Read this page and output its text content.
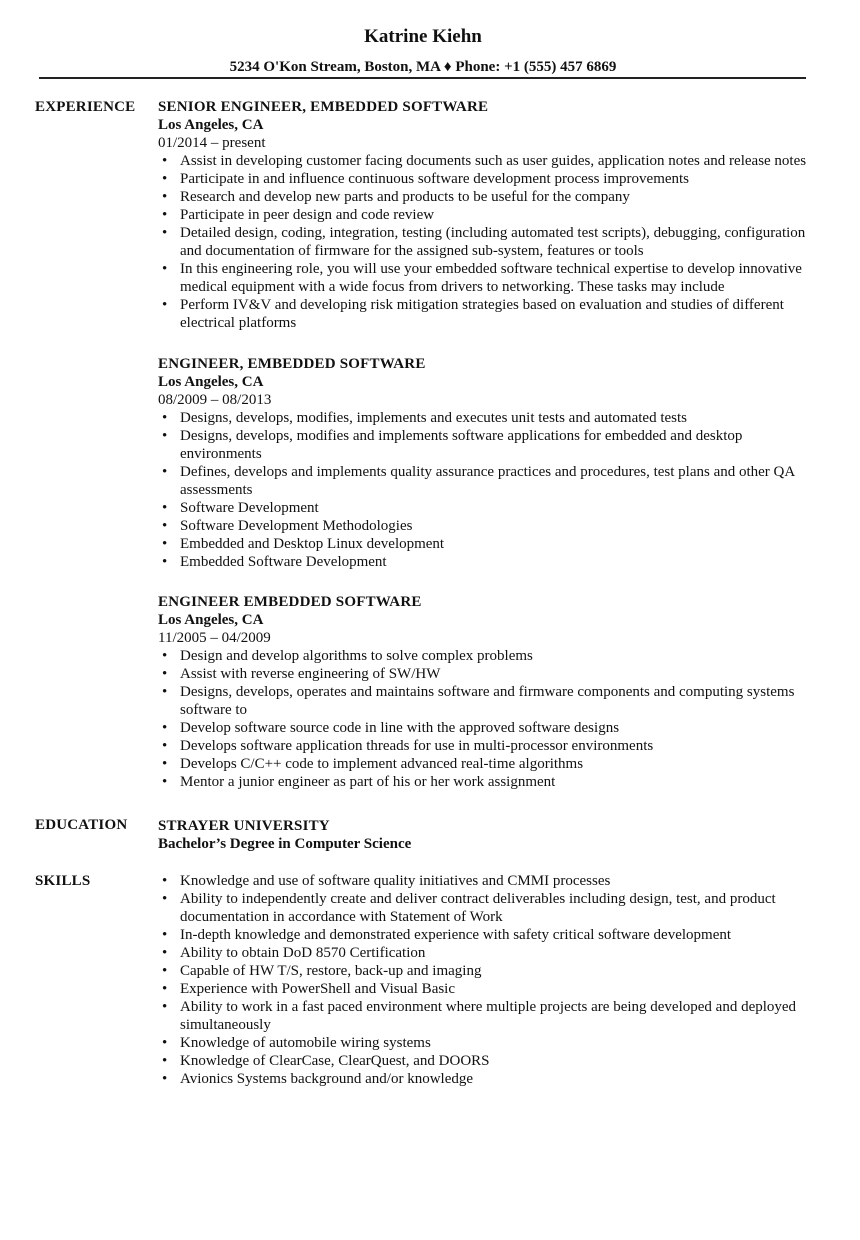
Katrine Kiehn
5234 O'Kon Stream, Boston, MA ♦ Phone: +1 (555) 457 6869
EXPERIENCE SENIOR ENGINEER, EMBEDDED SOFTWARE
Los Angeles, CA
01/2014 – present
• Assist in developing customer facing documents such as user guides, application notes and release notes
• Participate in and influence continuous software development process improvements
• Research and develop new parts and products to be useful for the company
• Participate in peer design and code review
• Detailed design, coding, integration, testing (including automated test scripts), debugging, configuration and documentation of firmware for the assigned sub-system, features or tools
• In this engineering role, you will use your embedded software technical expertise to develop innovative medical equipment with a wide focus from drivers to networking. These tasks may include
• Perform IV&V and developing risk mitigation strategies based on evaluation and studies of different electrical platforms
ENGINEER, EMBEDDED SOFTWARE
Los Angeles, CA
08/2009 – 08/2013
• Designs, develops, modifies, implements and executes unit tests and automated tests
• Designs, develops, modifies and implements software applications for embedded and desktop environments
• Defines, develops and implements quality assurance practices and procedures, test plans and other QA assessments
• Software Development
• Software Development Methodologies
• Embedded and Desktop Linux development
• Embedded Software Development
ENGINEER EMBEDDED SOFTWARE
Los Angeles, CA
11/2005 – 04/2009
• Design and develop algorithms to solve complex problems
• Assist with reverse engineering of SW/HW
• Designs, develops, operates and maintains software and firmware components and computing systems software to
• Develop software source code in line with the approved software designs
• Develops software application threads for use in multi-processor environments
• Develops C/C++ code to implement advanced real-time algorithms
• Mentor a junior engineer as part of his or her work assignment
EDUCATION STRAYER UNIVERSITY
Bachelor’s Degree in Computer Science
SKILLS
•	Knowledge and use of software quality initiatives and CMMI processes
• Ability to independently create and deliver contract deliverables including design, test, and product documentation in accordance with Statement of Work
• In-depth knowledge and demonstrated experience with safety critical software development
• Ability to obtain DoD 8570 Certification
• Capable of HW T/S, restore, back-up and imaging
• Experience with PowerShell and Visual Basic
• Ability to work in a fast paced environment where multiple projects are being developed and deployed simultaneously
• Knowledge of automobile wiring systems
• Knowledge of ClearCase, ClearQuest, and DOORS
• Avionics Systems background and/or knowledge
